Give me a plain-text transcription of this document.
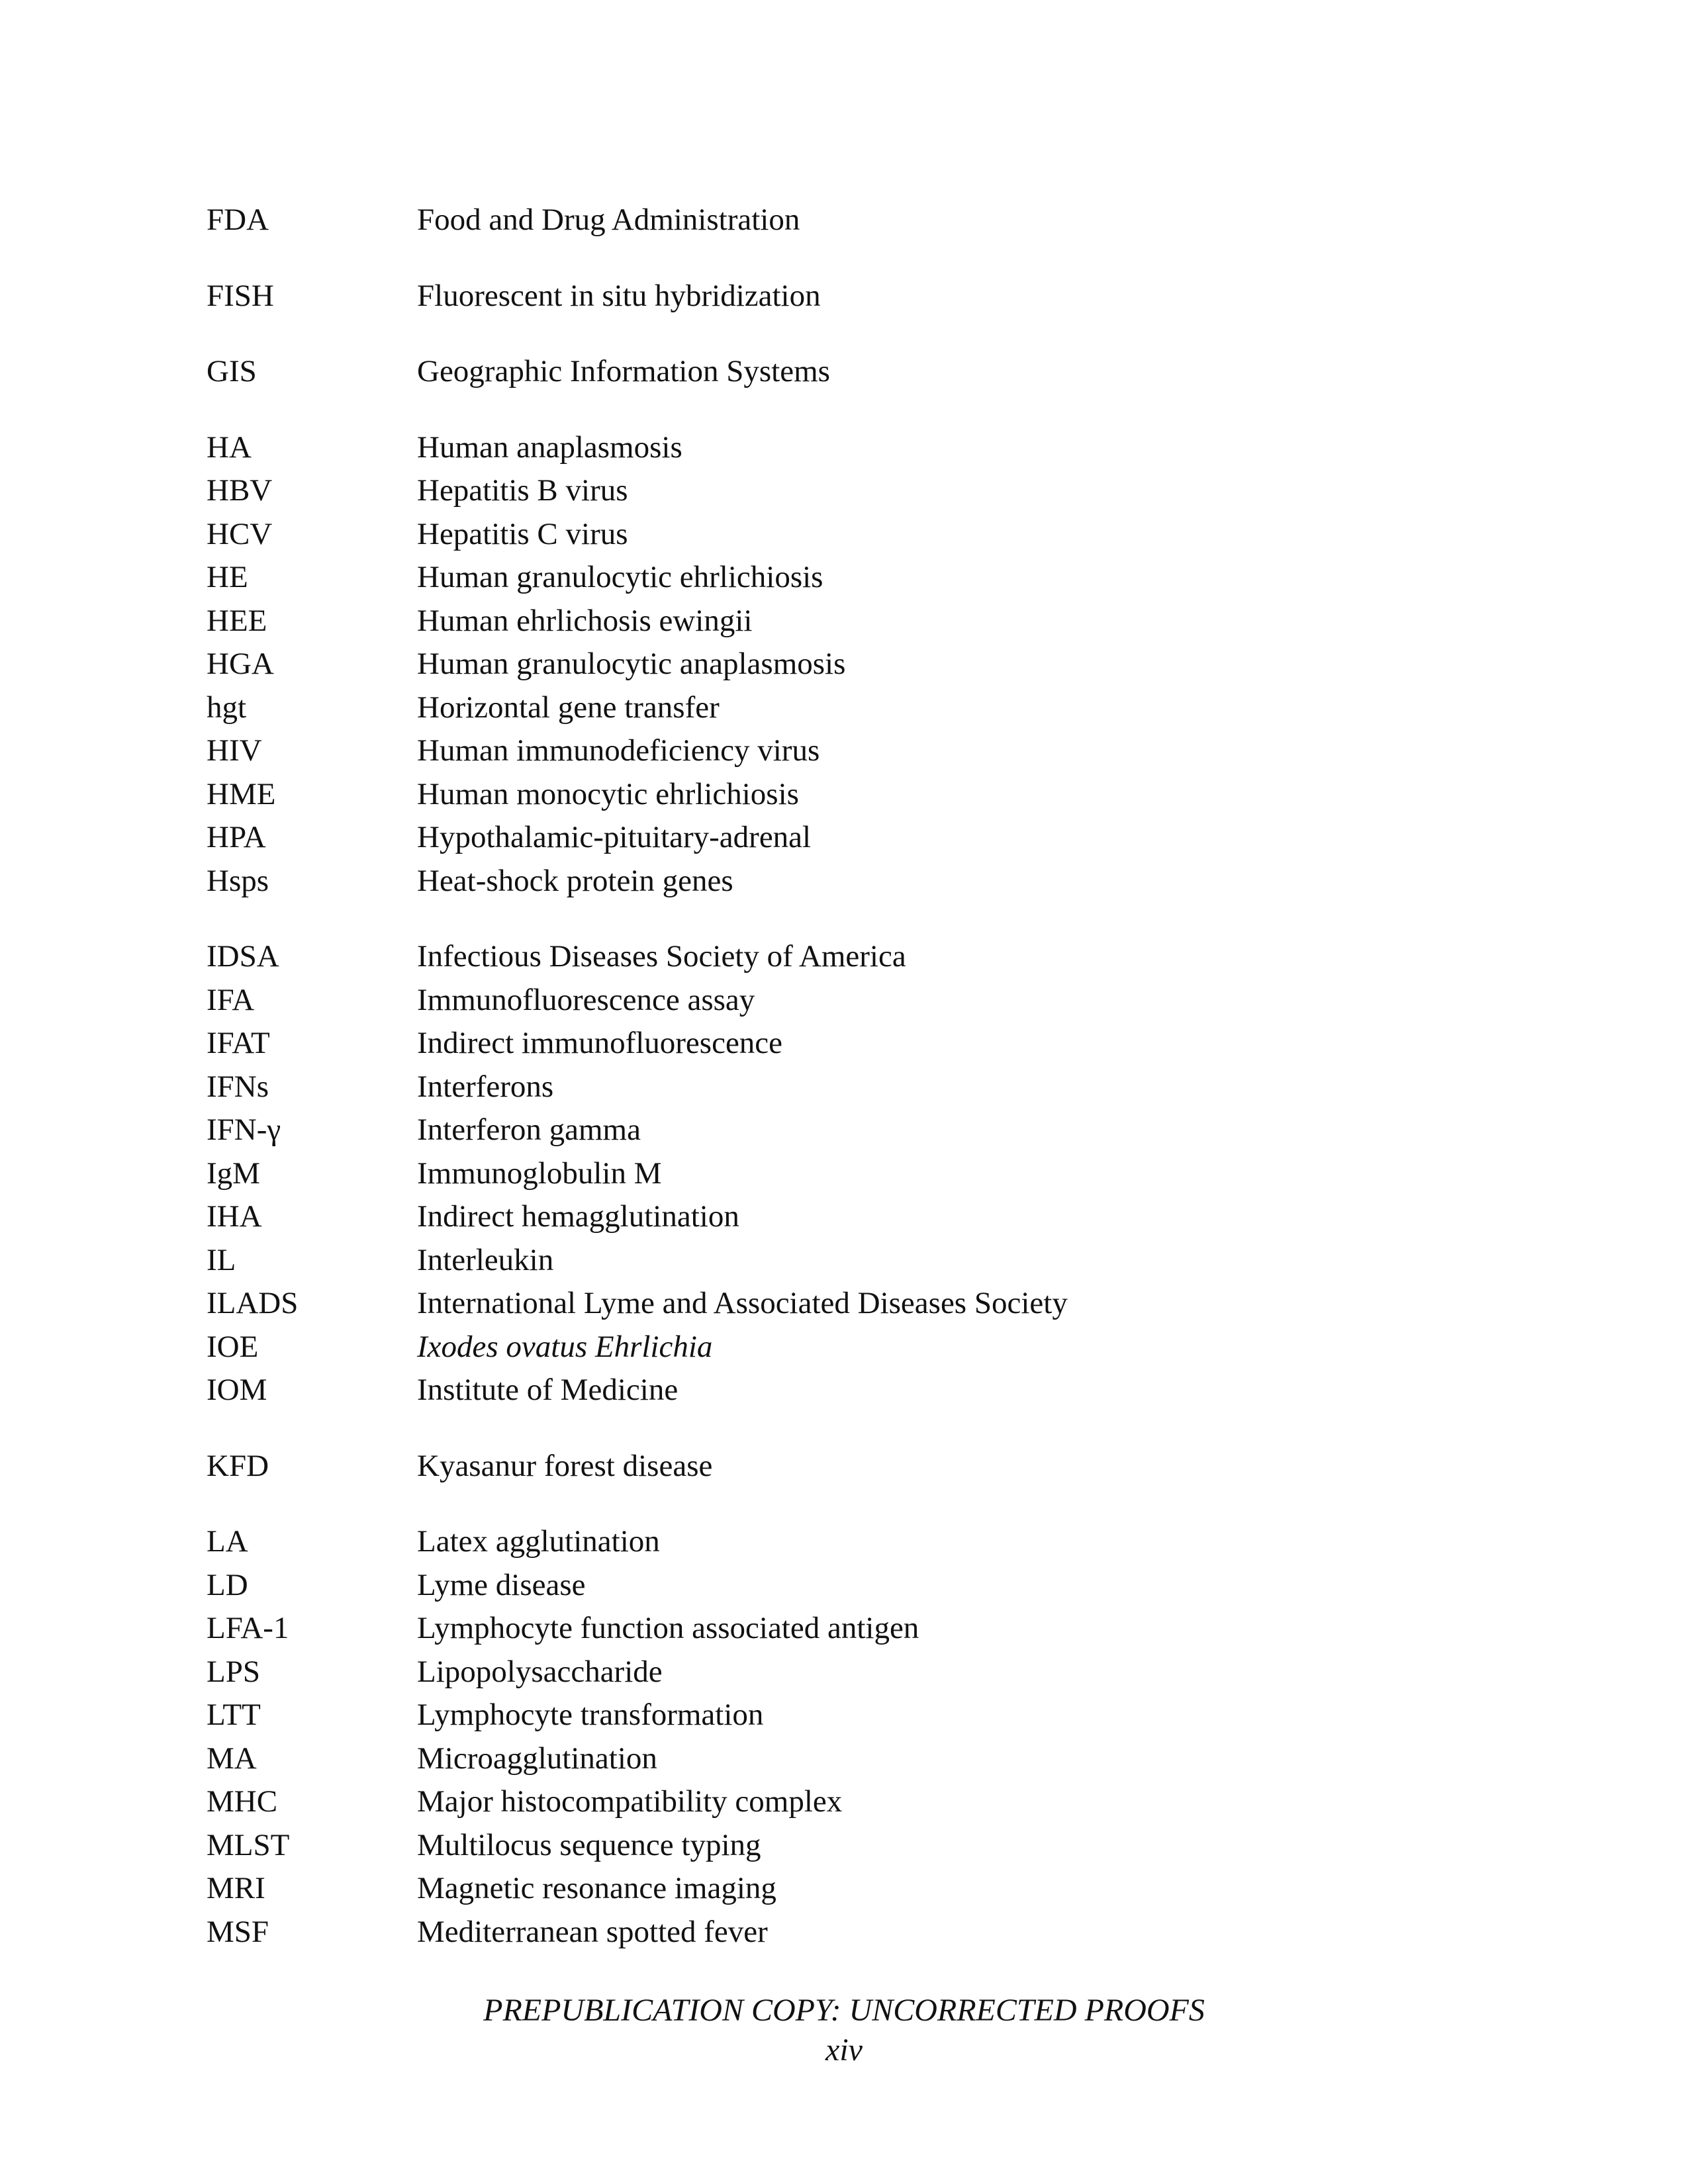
FDA	Food and Drug Administration
FISH	Fluorescent in situ hybridization
GIS	Geographic Information Systems
HA	Human anaplasmosis
HBV	Hepatitis B virus
HCV	Hepatitis C virus
HE	Human granulocytic ehrlichiosis
HEE	Human ehrlichosis ewingii
HGA	Human granulocytic anaplasmosis
hgt	Horizontal gene transfer
HIV	Human immunodeficiency virus
HME	Human monocytic ehrlichiosis
HPA	Hypothalamic-pituitary-adrenal
Hsps	Heat-shock protein genes
IDSA	Infectious Diseases Society of America
IFA	Immunofluorescence assay
IFAT	Indirect immunofluorescence
IFNs	Interferons
IFN-γ	Interferon gamma
IgM	Immunoglobulin M
IHA	Indirect hemagglutination
IL	Interleukin
ILADS	International Lyme and Associated Diseases Society
IOE	Ixodes ovatus Ehrlichia
IOM	Institute of Medicine
KFD	Kyasanur forest disease
LA	Latex agglutination
LD	Lyme disease
LFA-1	Lymphocyte function associated antigen
LPS	Lipopolysaccharide
LTT	Lymphocyte transformation
MA	Microagglutination
MHC	Major histocompatibility complex
MLST	Multilocus sequence typing
MRI	Magnetic resonance imaging
MSF	Mediterranean spotted fever
PREPUBLICATION COPY: UNCORRECTED PROOFS
xiv
